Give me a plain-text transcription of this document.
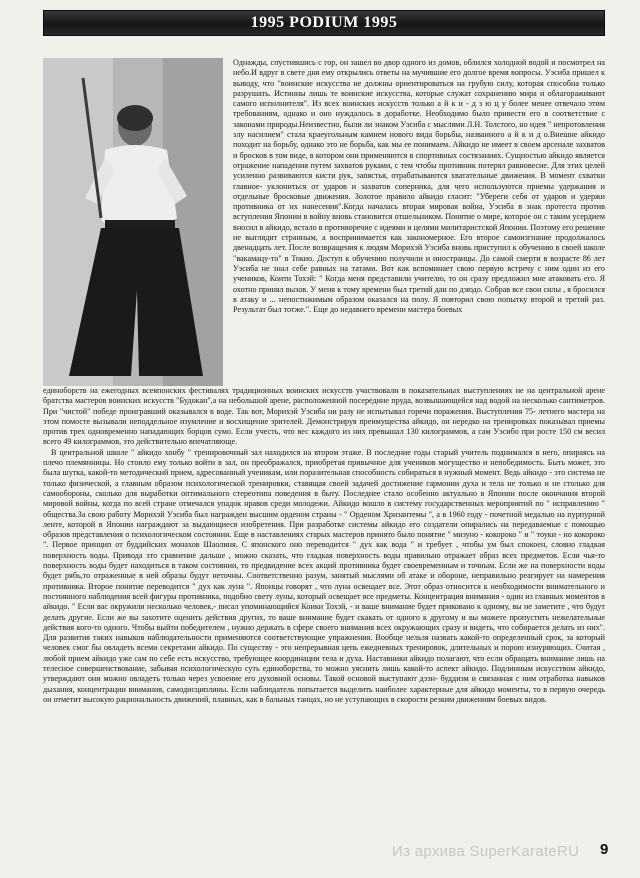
1995 PODIUM 1995

Однажды, спустившись с гор, он зашел во двор одного из домов, облился холодной водой и посмотрел на небо.И вдруг в свете дня ему открылись ответы на мучившие его долгое время вопросы. Уэсиба пришел к выводу, что "воинские искусства не должны ориентироваться на грубую силу, которая способна только разрушать. Истинны лишь те воинские искусства, которые служат сохранению мира и облагораживают самого исполнителя". Из всех воинских искусств только а й к и - д з ю ц у более менее отвечало этим требованиям, однако и оно нуждалось в доработке. Необходимо было привести его в соответствие с законами природы.Неизвестно, были ли знаком Уэсиба с мыслями Л.Н. Толстого, но идея " непротовления злу насилием" стала краеугольным камнем нового вида борьбы, названного а й к и д о.Внешне айкидо походит на борьбу, однако это не борьба, как мы ее понимаем. Айкидо не имеет в своем арсенале захватов и бросков в том виде, в котором они применяются в спортивных состязаниях. Сущностью айкидо является отражение нападения путем захватов руками, с тем чтобы противник потерял равновесие. Для этих целей усиленно развиваются кисти рук, запястья, отрабатываются хватательные движения. В момент схватки главное- уклониться от ударов и захватов соперника, для чего используются приемы удержания и отдельные бросковые движения. Золотое правило айкидо гласит: "Убереги себя от ударов и удержи противника от их нанесения".Когда началась вторая мировая война, Уэсиба в знак протеста против вступления Японии в войну вновь становится отшельником. Понятие о мире, которое он с таким усердием вносил в айкидо, встало в противоречие с идеями и целями милитаристской Японии. Поэтому его решение не выглядит странным, а воспринимается как закономерное. Его второе самоизгнание продолжалось двенадцать лет. После возвращения к людям Морихэй Уэсиба вновь приступил к обучению в своей школе "вакамацу-то" в Токио. Доступ к обучению получили и иностранцы. До самой смерти в возрасте 86 лет Уэсиба не знал себе равных на татами. Вот как вспоминает свою первую встречу с ним один из его учеников, Коити Тохэй: " Когда меня представили учителю, то он сразу предложил мне атаковать его. Я охотно принял вызов. У меня к тому времени был третий дан по дзюдо. Собрав все свои силы , я бросился в атаку и ... непостижимым образом оказался на полу. Я повторил свою попытку второй и третий раз. Результат был тотже.". Еще до недавнего времени мастера боевых

единоборств на ежегодных всеяпонских фестивалях традиционных воинских искусств участвовали в показательных выступлениях не на центральной арене братства мастеров воинских искусств "Будокан",а на небольшой арене, расположенной посередине пруда, возвышающейся над водой на несколько сантиметров. При "чистой" победе проигравший оказывался в воде. Так вот, Морихэй Уэсиба ни разу не испытывал горечи поражения. Выступления 75- летнего мастера на этом помосте вызывали неподдельное изумление и восхищение зрителей. Демонстрируя преимущества айкидо, он нередко на тренировках показывал приемы против трех одновременно нападающих борцов сумо. Если учесть, что вес каждого из них превышал 130 килограммов, а сам Уэсибо при росте 150 см весил всего 49 килограммов, это действительно впечатляюще.

В центральной школе " айкидо хонбу " тренировочный зал находился на втором этаже. В последние годы старый учитель поднимался в него, опираясь на плечо племянницы. Но стоило ему только войти в зал, он преображался, приобретая привычное для учеников могущество и непобедимость. Быть может, это была шутка, какой-то методический прием, адресованный ученикам, или поразительная способность собираться в нужный момент. Ведь айкидо - это система не только физической, а главным образом психологической тренировки, ставящая своей задачей достижение гармонии духа и тела не только и не столько для самообороны, сколько для выработки оптимального стереотипа поведения в быту. Последнее стало особенно актуально в Японии после окончания второй мировой войны, когда по всей стране отмечался упадок нравов среди молодежи. Айкидо вошло в систему государственных мероприятий по " исправлению " общества.За свою работу Морихэй Уэсиба был награжден высшим орденом страны - " Орденом Хризантемы ", а в 1960 году - почетной медалью на пурпурной ленте, которой в Японии награждают за выдающиеся изобретения. При разработке системы айкидо его создатели опирались на передаваемые с помощью образов представления о психологическом состоянии. Еще в наставлениях старых мастеров принято было понятие " мизуно - кокороко " и " тоуки - но кокороко ". Первое принцип от буддийских монахов Шаолиня. С японского оно переводится " дух как вода " и требует , чтобы ум был спокоен, словно гладкая поверхность воды. Привода это сравнение дальше , можно сказать, что гладкая поверхность воды правильно отражает образ всех предметов. Если чья-то поверхность воды будет находиться в таком состоянии, то предвидение всех акций противника будет своевременным и точным. Если же на поверхности воды будет рябь,то отраженные в ней образы будут неточны. Соответственно разум, занятый мыслями об атаке и обороне, неправильно реагирует на намерения противника. Второе понятие переводится " дух как луна ". Японцы говорят , что луна освещает все. Этот образ относится к необходимости внимательного и постоянного наблюдения всей фигуры противника, подобно свету луны, который освещает все предметы. Концентрация внимания - один из главных моментов в айкидо. " Если вас окружили несколько человек,- писал упоминающийся Коики Тохэй, - и ваше внимание будет приковано к одному, вы не заметите , что будут делать другие. Если же вы захотите оценить действия других, то ваше внимание будет скакать от одного к другому и вы можете пропустить нежелательные действия кого-то одного. Чтобы выйти победителем , нужно держать в сфере своего внимания всех окружающих сразу и видеть, что собирается делать из них". Для развития таких навыков наблюдательности применяются соответствующие упражнения. Вообще нельзя назвать какой-то определенный срок, за который человек смог бы овладеть всеми секретами айкидо. По существу - это непрерывная цепь ежедневных тренировок, длительных и порою изнуряющих. Считая , любой прием айкидо уже сам по себе есть искусство, требующее координации тела и духа. Наставники айкидо полагают, что если обращать внимание лишь на телесное совершенствование, забывая психологическую суть единоборства, то можно уяснить лишь какой-то аспект айкидо. Подлинным искусством айкидо, утверждают они можно овладеть только через усвоение его духовной основы. Такой основой выступают дзэн- буддизм и связанная с ним отработка навыков дыхания, концентрации внимания, самодисциплины. Если наблюдатель попытается выделить наиболее характерные для айкидо моменты, то в первую очередь он отметит высокую рациональность движений, плавных, как в бальных танцах, но не уступающих в скорости резким движениям боевых видов.

Из архива SuperKarateRU 9
